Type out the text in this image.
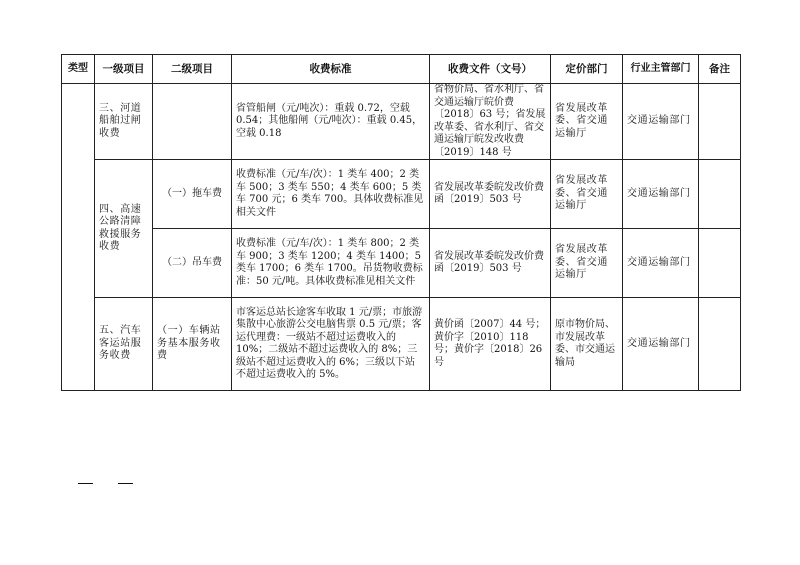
类型	一级项目	二级项目	收费标准	收费文件（文号）	定价部门	行业主管部门	备注
	三、河道船舶过闸收费		省管船闸（元/吨次）：重载 0.72，空载 0.54；其他船闸（元/吨次）：重载 0.45，空载 0.18	省物价局、省水利厅、省交通运输厅皖价费〔2018〕63 号；省发展改革委、省水利厅、省交通运输厅皖发改收费〔2019〕148 号	省发展改革委、省交通运输厅	交通运输部门	
	四、高速公路清障救援服务收费	（一）拖车费	收费标准（元/车/次）：1 类车 400；2 类车 500；3 类车 550；4 类车 600；5 类车 700 元；6 类车 700。具体收费标准见相关文件	省发展改革委皖发改价费函〔2019〕503 号	省发展改革委、省交通运输厅	交通运输部门	
		（二）吊车费	收费标准（元/车/次）：1 类车 800；2 类车 900；3 类车 1200；4 类车 1400；5 类车 1700；6 类车 1700。吊货物收费标准：50 元/吨。具体收费标准见相关文件	省发展改革委皖发改价费函〔2019〕503 号	省发展改革委、省交通运输厅	交通运输部门	
	五、汽车客运站服务收费	（一）车辆站务基本服务收费	市客运总站长途客车收取 1 元/票；市旅游集散中心旅游公交电脑售票 0.5 元/票；客运代理费：一级站不超过运费收入的 10%；二级站不超过运费收入的 8%；三级站不超过运费收入的 6%；三级以下站不超过运费收入的 5%。	黄价函〔2007〕44 号；黄价字〔2010〕118 号；黄价字〔2018〕26 号	原市物价局、市发展改革委、市交通运输局	交通运输部门	
